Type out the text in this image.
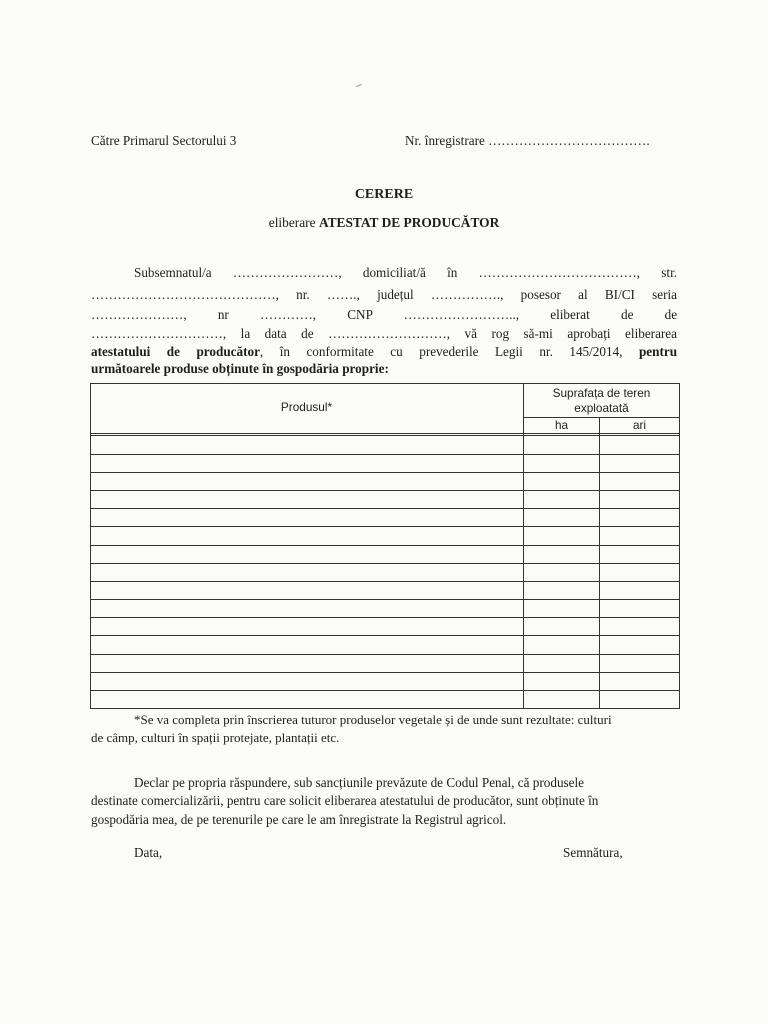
Către Primarul Sectorului 3	Nr. înregistrare ……………………………….
CERERE
eliberare ATESTAT DE PRODUCĂTOR
Subsemnatul/a ……………………, domiciliat/ă în ………………………………, str.
……………………………………, nr. ……., județul ……………., posesor al BI/CI seria
…………………, nr …………, CNP …………………….., eliberat de de
…………………………, la data de ………………………, vă rog să-mi aprobați eliberarea
atestatului de producător, în conformitate cu prevederile Legii nr. 145/2014, pentru
următoarele produse obținute în gospodăria proprie:
Produsul*
Suprafața de teren
exploatată
ha	ari
*Se va completa prin înscrierea tuturor produselor vegetale și de unde sunt rezultate: culturi
de câmp, culturi în spații protejate, plantații etc.
Declar pe propria răspundere, sub sancțiunile prevăzute de Codul Penal, că produsele
destinate comercializării, pentru care solicit eliberarea atestatului de producător, sunt obținute în
gospodăria mea, de pe terenurile pe care le am înregistrate la Registrul agricol.
Data,	Semnătura,
